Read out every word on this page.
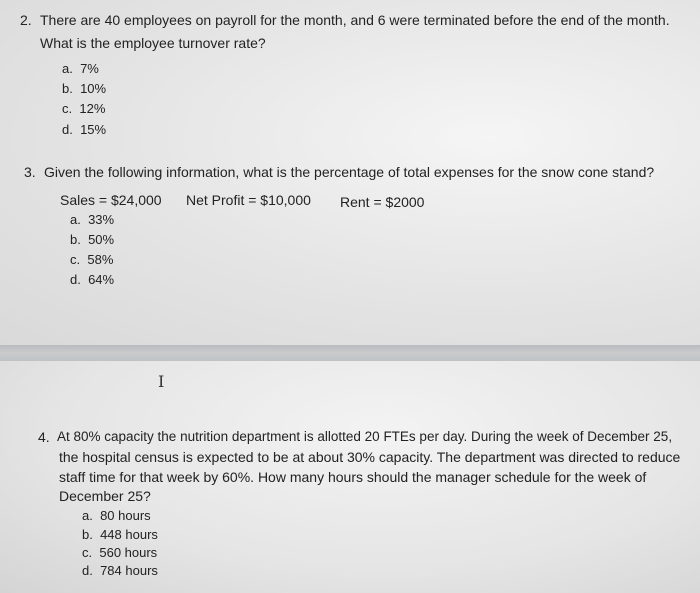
2. There are 40 employees on payroll for the month, and 6 were terminated before the end of the month.
What is the employee turnover rate?
a. 7%
b. 10%
c. 12%
d. 15%
3. Given the following information, what is the percentage of total expenses for the snow cone stand?
Sales = $24,000 Net Profit = $10,000 Rent = $2000
a. 33%
b. 50%
c. 58%
d. 64%
I
4. At 80% capacity the nutrition department is allotted 20 FTEs per day. During the week of December 25,
the hospital census is expected to be at about 30% capacity. The department was directed to reduce
staff time for that week by 60%. How many hours should the manager schedule for the week of
December 25?
a. 80 hours
b. 448 hours
c. 560 hours
d. 784 hours
